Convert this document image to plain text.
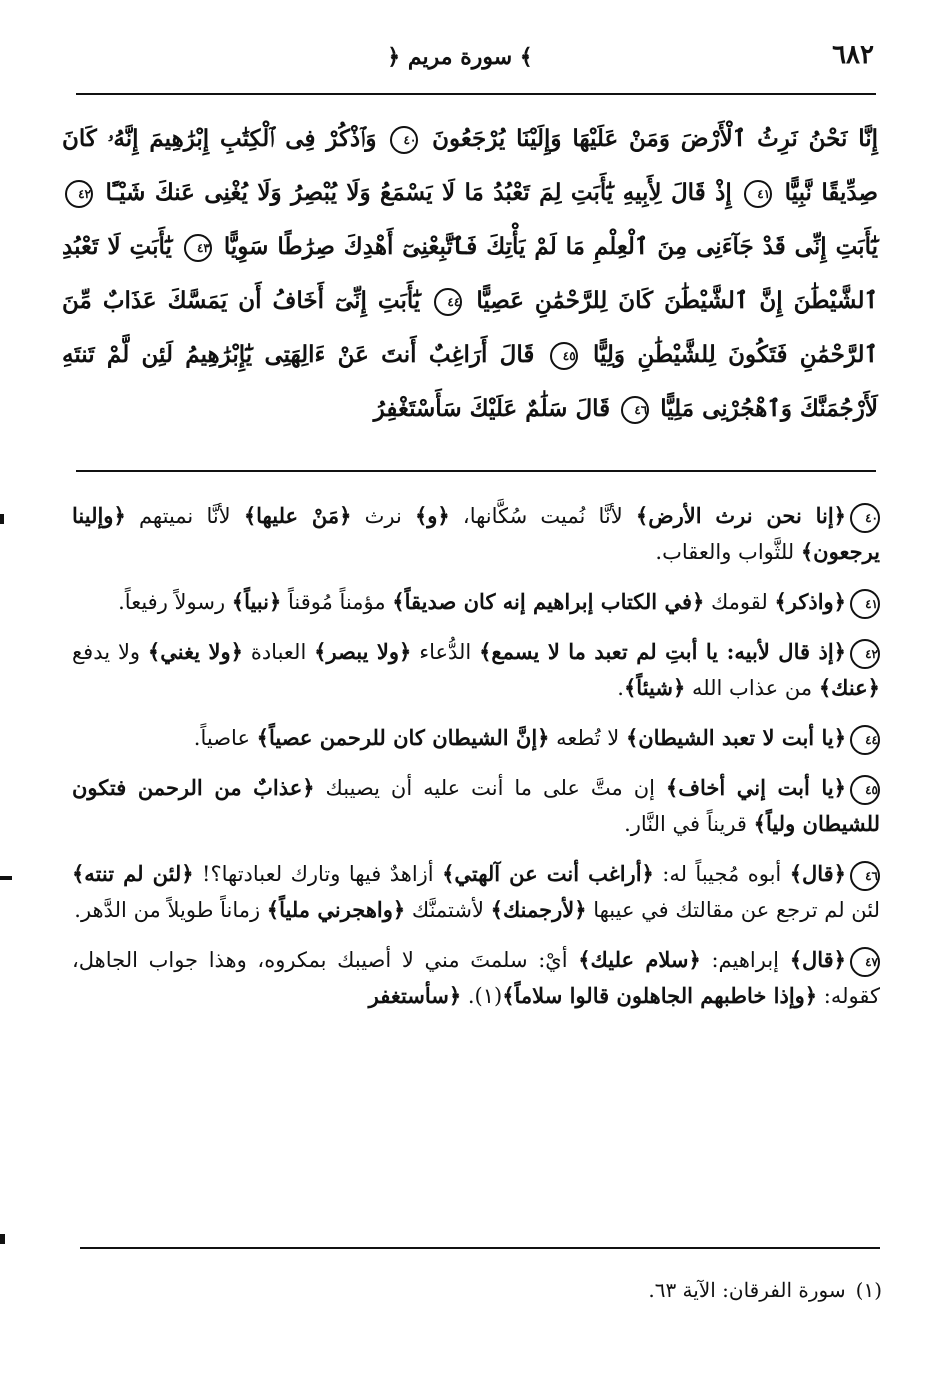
٦٨٢
﴿ سورة مريم ﴾
إِنَّا نَحْنُ نَرِثُ ٱلْأَرْضَ وَمَنْ عَلَيْهَا وَإِلَيْنَا يُرْجَعُونَ ٤٠ وَٱذْكُرْ فِى ٱلْكِتَٰبِ إِبْرَٰهِيمَ إِنَّهُۥ كَانَ صِدِّيقًا نَّبِيًّا ٤١ إِذْ قَالَ لِأَبِيهِ يَٰٓأَبَتِ لِمَ تَعْبُدُ مَا لَا يَسْمَعُ وَلَا يُبْصِرُ وَلَا يُغْنِى عَنكَ شَيْـًٔا ٤٢ يَٰٓأَبَتِ إِنِّى قَدْ جَآءَنِى مِنَ ٱلْعِلْمِ مَا لَمْ يَأْتِكَ فَٱتَّبِعْنِىٓ أَهْدِكَ صِرَٰطًا سَوِيًّا ٤٣ يَٰٓأَبَتِ لَا تَعْبُدِ ٱلشَّيْطَٰنَ إِنَّ ٱلشَّيْطَٰنَ كَانَ لِلرَّحْمَٰنِ عَصِيًّا ٤٤ يَٰٓأَبَتِ إِنِّىٓ أَخَافُ أَن يَمَسَّكَ عَذَابٌ مِّنَ ٱلرَّحْمَٰنِ فَتَكُونَ لِلشَّيْطَٰنِ وَلِيًّا ٤٥ قَالَ أَرَاغِبٌ أَنتَ عَنْ ءَالِهَتِى يَٰٓإِبْرَٰهِيمُ لَئِن لَّمْ تَنتَهِ لَأَرْجُمَنَّكَ وَٱهْجُرْنِى مَلِيًّا ٤٦ قَالَ سَلَٰمٌ عَلَيْكَ سَأَسْتَغْفِرُ
٤٠﴿إنا نحن نرث الأرض﴾ لأنَّا نُميت سُكَّانها، ﴿و﴾ نرث ﴿مَنْ عليها﴾ لأنَّا نميتهم ﴿وإلينا يرجعون﴾ للثَّواب والعقاب.
٤١﴿واذكر﴾ لقومك ﴿في الكتاب إبراهيم إنه كان صديقاً﴾ مؤمناً مُوقناً ﴿نبياً﴾ رسولاً رفيعاً.
٤٢﴿إذ قال لأبيه: يا أبتِ لم تعبد ما لا يسمع﴾ الدُّعاء ﴿ولا يبصر﴾ العبادة ﴿ولا يغني﴾ ولا يدفع ﴿عنك﴾ من عذاب الله ﴿شيئاً﴾.
٤٤﴿يا أبت لا تعبد الشيطان﴾ لا تُطعه ﴿إنَّ الشيطان كان للرحمن عصياً﴾ عاصياً.
٤٥﴿يا أبت إني أخاف﴾ إن متَّ على ما أنت عليه أن يصيبك ﴿عذابٌ من الرحمن فتكون للشيطان ولياً﴾ قريناً في النَّار.
٤٦﴿قال﴾ أبوه مُجيباً له: ﴿أراغب أنت عن آلهتي﴾ أزاهدٌ فيها وتارك لعبادتها؟! ﴿لئن لم تنته﴾ لئن لم ترجع عن مقالتك في عيبها ﴿لأرجمنك﴾ لأشتمنَّك ﴿واهجرني ملياً﴾ زماناً طويلاً من الدَّهر.
٤٧﴿قال﴾ إبراهيم: ﴿سلام عليك﴾ أيْ: سلمتَ مني لا أصيبك بمكروه، وهذا جواب الجاهل، كقوله: ﴿وإذا خاطبهم الجاهلون قالوا سلاماً﴾(١). ﴿سأستغفر
(١)سورة الفرقان: الآية ٦٣.
